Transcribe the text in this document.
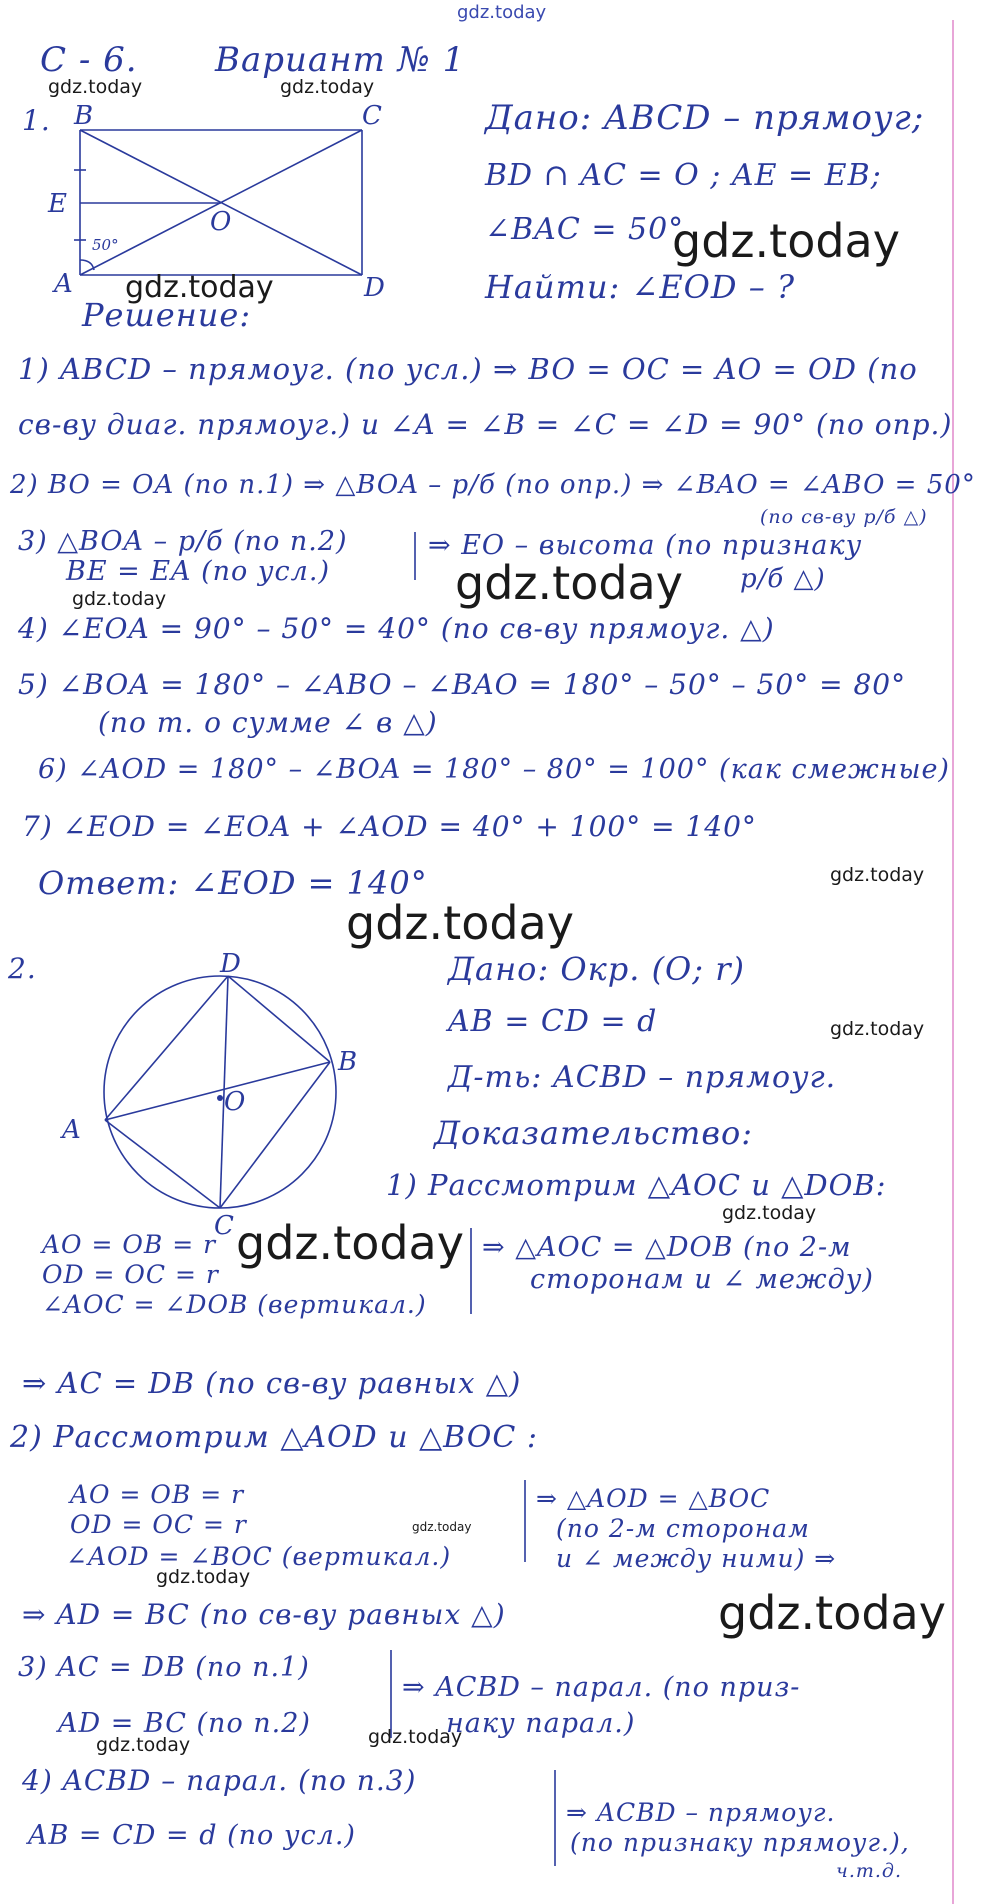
gdz.today
С - 6. Вариант № 1
1. B	C
E
O
A	D
50°
gdz.today	gdz.today
gdz.today
Дано: ABCD – прямоуг;
BD ∩ AC = O ; AE = EB;
∠BAC = 50°
gdz.today
Найти: ∠EOD – ?
Решение:
1) ABCD – прямоуг. (по усл.) ⇒ BO = OC = AO = OD (по
св-ву диаг. прямоуг.) и ∠A = ∠B = ∠C = ∠D = 90° (по опр.)
2) BO = OA (по п.1) ⇒ △BOA – р/б (по опр.) ⇒ ∠BAO = ∠ABO = 50°
(по св-ву р/б △)
3) △BOA – р/б (по п.2)
BE = EA (по усл.)
⇒ EO – высота (по признаку
р/б △)
gdz.today	gdz.today
4) ∠EOA = 90° – 50° = 40° (по св-ву прямоуг. △)
5) ∠BOA = 180° – ∠ABO – ∠BAO = 180° – 50° – 50° = 80°
(по т. о сумме ∠ в △)
6) ∠AOD = 180° – ∠BOA = 180° – 80° = 100° (как смежные)
7) ∠EOD = ∠EOA + ∠AOD = 40° + 100° = 140°
Ответ: ∠EOD = 140°	gdz.today
gdz.today
2.	D
B
A
C
O
Дано: Окр. (O; r)
AB = CD = d	gdz.today
Д-ть: ACBD – прямоуг.
Доказательство:
1) Рассмотрим △AOC и △DOB:
gdz.today
AO = OB = r
OD = OC = r
∠AOC = ∠DOB (вертикал.)
gdz.today ⇒ △AOC = △DOB (по 2-м
сторонам и ∠ между)
⇒ AC = DB (по св-ву равных △)
2) Рассмотрим △AOD и △BOC :
AO = OB = r
OD = OC = r
∠AOD = ∠BOC (вертикал.)
gdz.today
⇒ △AOD = △BOC
(по 2-м сторонам
и ∠ между ними) ⇒
gdz.today
⇒ AD = BC (по св-ву равных △)	gdz.today
3) AC = DB (по п.1)
AD = BC (по п.2)
⇒ ACBD – парал. (по приз-
наку парал.)
gdz.today	gdz.today
4) ACBD – парал. (по п.3)
AB = CD = d (по усл.)
⇒ ACBD – прямоуг.
(по признаку прямоуг.),
ч.т.д.
